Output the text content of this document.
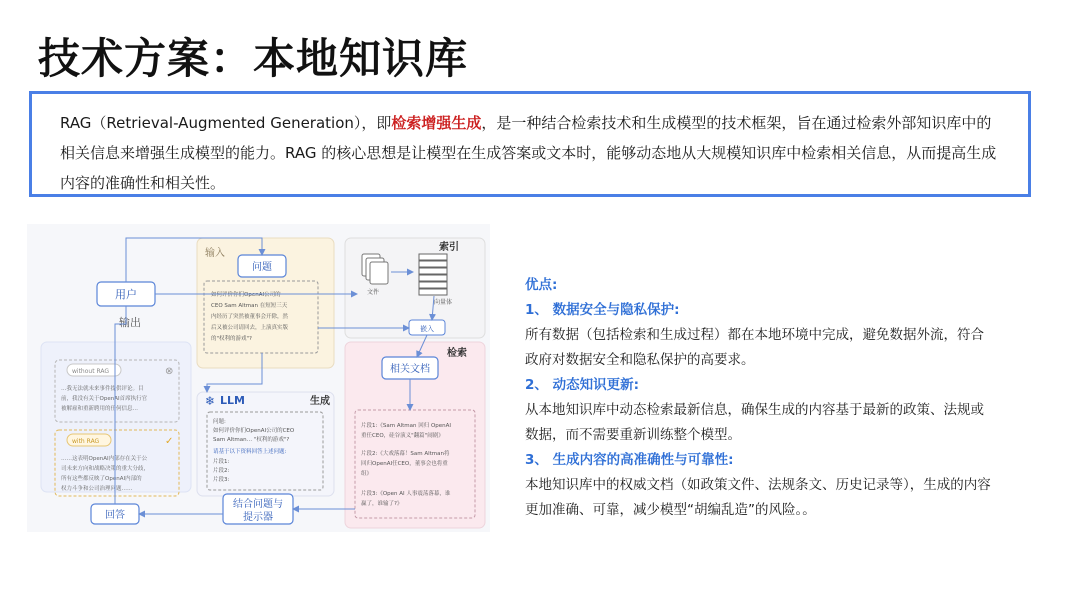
技术方案：本地知识库
RAG（Retrieval-Augmented Generation），即检索增强生成，是一种结合检索技术和生成模型的技术框架，旨在通过检索外部知识库中的相关信息来增强生成模型的能力。RAG 的核心思想是让模型在生成答案或文本时，能够动态地从大规模知识库中检索相关信息，从而提高生成内容的准确性和相关性。
输入
索引
检索
生成
输出
用户
问题
如何评价你们OpenAI公司的
CEO Sam Altman 在短短三天
内经历了突然被董事会开除，然
后又被公司请回去，上演真实版
的"权利的游戏"?
文件
向量体
嵌入
相关文档
片段1:《Sam Altman 回归 OpenAI
重任CEO，硅谷演义"翻篇"闹剧》
片段2:《大戏落幕！Sam Altman将
回归OpenAI任CEO，董事会也将重
组》
片段3:《Open AI 人事震荡落幕，谁
赢了，谁输了?》
❄ LLM
问题:
如何评价你们OpenAI公司的CEO
Sam Altman… "权利的游戏"?
请基于以下资料回答上述问题:
片段1:
片段2:
片段3:
结合问题与
提示器
回答
without RAG	⊗
…我无法就未来事件提供评论。目
前，我没有关于OpenAI首席执行官
被解雇和重新聘用的任何信息…
with RAG	✓
……这表明OpenAI内部存在关于公
司未来方向和战略决策的重大分歧，
所有这些都反映了OpenAI内部的
权力斗争和公司治理问题……
优点:
1、 数据安全与隐私保护:
所有数据（包括检索和生成过程）都在本地环境中完成，避免数据外流，符合政府对数据安全和隐私保护的高要求。
2、 动态知识更新:
从本地知识库中动态检索最新信息，确保生成的内容基于最新的政策、法规或数据，而不需要重新训练整个模型。
3、 生成内容的高准确性与可靠性:
本地知识库中的权威文档（如政策文件、法规条文、历史记录等），生成的内容更加准确、可靠，减少模型“胡编乱造”的风险。。
